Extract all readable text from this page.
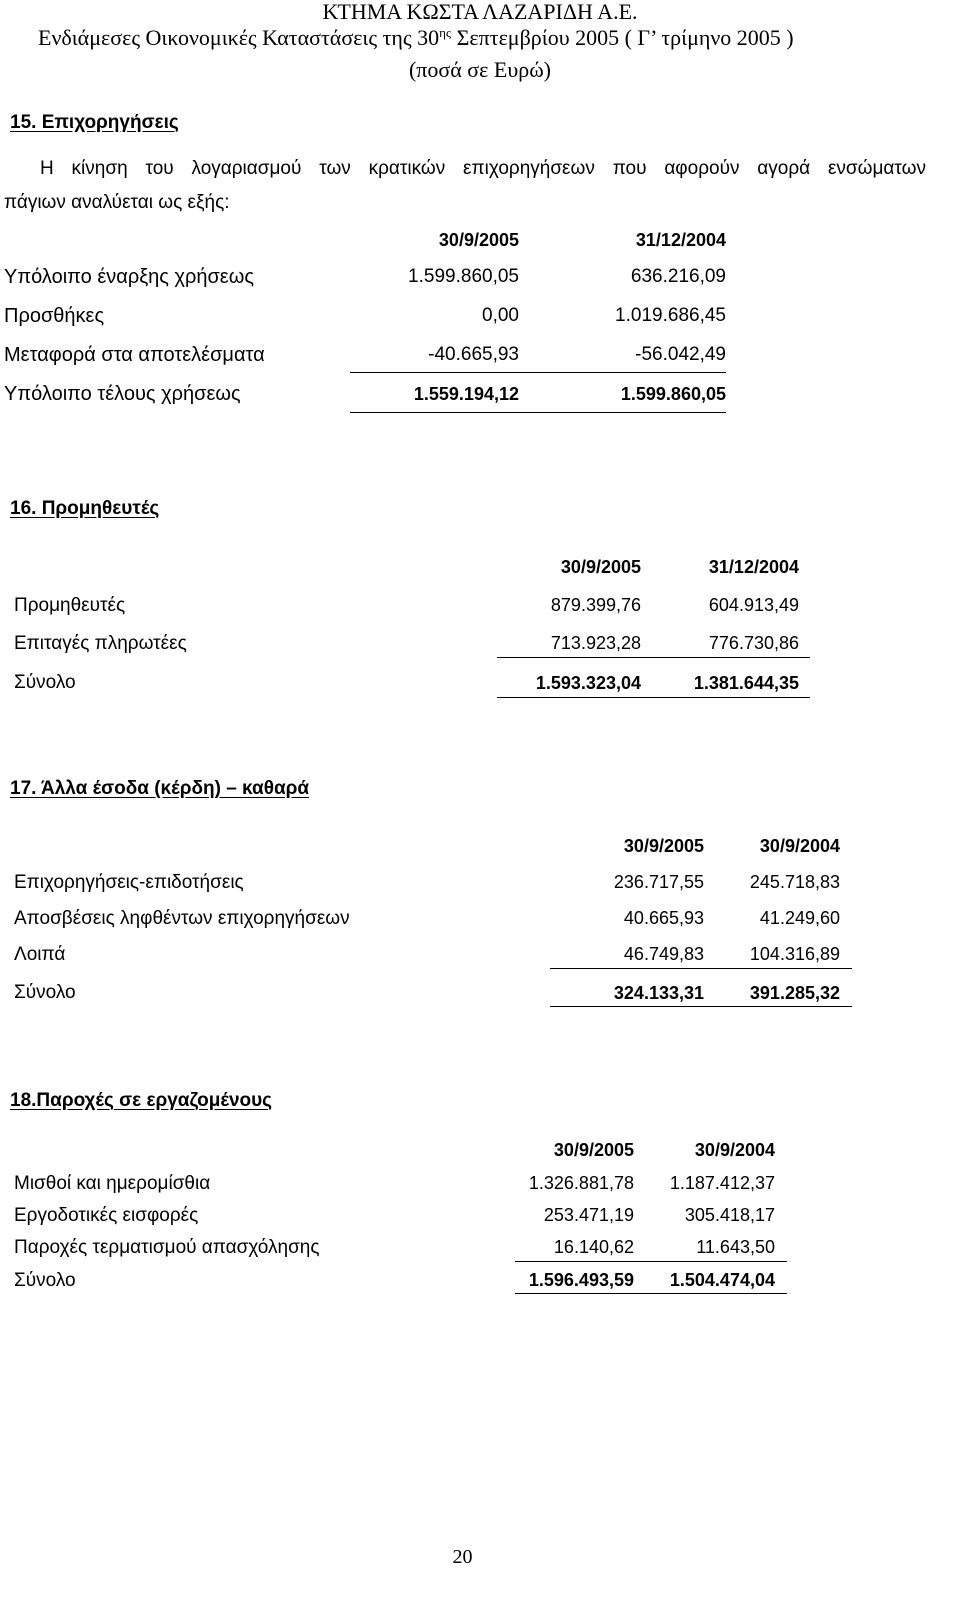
ΚΤΗΜΑ ΚΩΣΤΑ ΛΑΖΑΡΙΔΗ Α.Ε.
Ενδιάμεσες Οικονομικές Καταστάσεις της $30^{\eta\varsigma}$ Σεπτεμβρίου 2005 ( Γ’ τρίμηνο 2005 )
(ποσά σε Ευρώ)
15. Επιχορηγήσεις
Η κίνηση του λογαριασμού των κρατικών επιχορηγήσεων που αφορούν αγορά ενσώματων
πάγιων αναλύεται ως εξής:
30/9/2005	31/12/2004
Υπόλοιπο έναρξης χρήσεως	1.599.860,05	636.216,09
Προσθήκες	0,00	1.019.686,45
Μεταφορά στα αποτελέσματα	-40.665,93	-56.042,49
Υπόλοιπο τέλους χρήσεως	1.559.194,12	1.599.860,05
16. Προμηθευτές
30/9/2005	31/12/2004
Προμηθευτές	879.399,76	604.913,49
Επιταγές πληρωτέες	713.923,28	776.730,86
Σύνολο	1.593.323,04	1.381.644,35
17. Άλλα έσοδα (κέρδη) – καθαρά
30/9/2005	30/9/2004
Επιχορηγήσεις-επιδοτήσεις	236.717,55	245.718,83
Αποσβέσεις ληφθέντων επιχορηγήσεων	40.665,93	41.249,60
Λοιπά	46.749,83	104.316,89
Σύνολο	324.133,31	391.285,32
18.Παροχές σε εργαζομένους
30/9/2005	30/9/2004
Μισθοί και ημερομίσθια	1.326.881,78 1.187.412,37
Εργοδοτικές εισφορές	253.471,19	305.418,17
Παροχές τερματισμού απασχόλησης	16.140,62	11.643,50
Σύνολο	1.596.493,59 1.504.474,04
20
